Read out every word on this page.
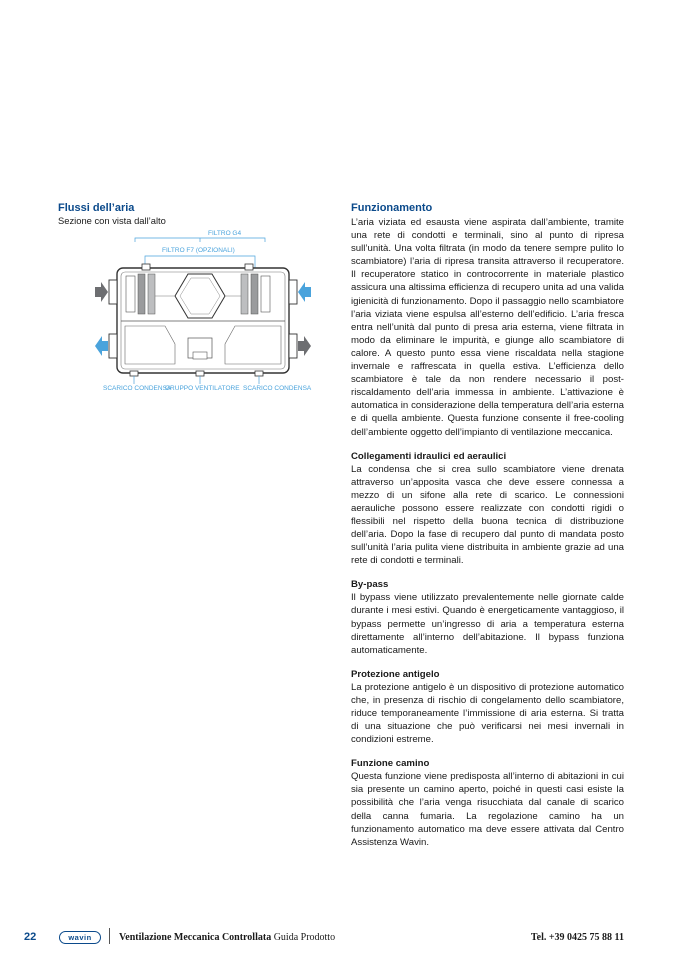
Flussi dell’aria

Sezione con vista dall’alto

FILTRO G4
FILTRO F7 (OPZIONALI)
SCARICO CONDENSA
GRUPPO VENTILATORE SCARICO CONDENSA
Funzionamento

L’aria viziata ed esausta viene aspirata dall’ambiente, tramite una rete di condotti e terminali, sino al punto di ripresa sull’unità. Una volta filtrata (in modo da tenere sempre pulito lo scambiatore) l’aria di ripresa transita attraverso il recuperatore. Il recuperatore statico in controcorrente in materiale plastico assicura una altissima efficienza di recupero unita ad una valida igienicità di funzionamento. Dopo il passaggio nello scambiatore l’aria viziata viene espulsa all’esterno dell’edificio. L’aria fresca entra nell’unità dal punto di presa aria esterna, viene filtrata in modo da eliminare le impurità, e giunge allo scambiatore di calore. A questo punto essa viene riscaldata nella stagione invernale e raffrescata in quella estiva. L’efficienza dello scambiatore è tale da non rendere necessario il post-riscaldamento dell’aria immessa in ambiente. L’attivazione è automatica in considerazione della temperatura dell’aria esterna e di quella ambiente. Questa funzione consente il free-cooling dell’ambiente oggetto dell’impianto di ventilazione meccanica.

Collegamenti idraulici ed aeraulici

La condensa che si crea sullo scambiatore viene drenata attraverso un’apposita vasca che deve essere connessa a mezzo di un sifone alla rete di scarico. Le connessioni aerauliche possono essere realizzate con condotti rigidi o flessibili nel rispetto della buona tecnica di distribuzione dell’aria. Dopo la fase di recupero dal punto di mandata posto sull’unità l’aria pulita viene distribuita in ambiente grazie ad una rete di condotti e terminali.

By-pass

Il bypass viene utilizzato prevalentemente nelle giornate calde durante i mesi estivi. Quando è energeticamente vantaggioso, il bypass permette un’ingresso di aria a temperatura esterna direttamente all’interno dell’abitazione. Il bypass funziona automaticamente.

Protezione antigelo

La protezione antigelo è un dispositivo di protezione automatico che, in presenza di rischio di congelamento dello scambiatore, riduce temporaneamente l’immissione di aria esterna. Si tratta di una situazione che può verificarsi nei mesi invernali in condizioni estreme.

Funzione camino

Questa funzione viene predisposta all’interno di abitazioni in cui sia presente un camino aperto, poiché in questi casi esiste la possibilità che l’aria venga risucchiata dal canale di scarico della canna fumaria. La regolazione camino ha un funzionamento automatico ma deve essere attivata dal Centro Assistenza Wavin.

22	wavin	Ventilazione Meccanica Controllata Guida Prodotto	Tel. +39 0425 75 88 11
